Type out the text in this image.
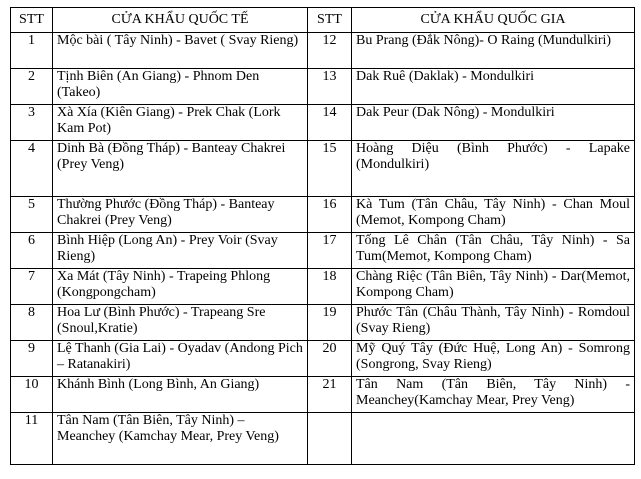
STT	CỬA KHẨU QUỐC TẾ	STT	CỬA KHẨU QUỐC GIA
1	Mộc bài ( Tây Ninh) - Bavet ( Svay Rieng)	12	Bu Prang (Đắk Nông)- O Raing (Mundulkiri)
2	Tịnh Biên (An Giang) - Phnom Den (Takeo)	13	Dak Ruê (Daklak) - Mondulkiri
3	Xà Xía (Kiên Giang) - Prek Chak (Lork Kam Pot)	14	Dak Peur (Dak Nông) - Mondulkiri
4	Dinh Bà (Đồng Tháp) - Banteay Chakrei (Prey Veng)	15	Hoàng Diệu (Bình Phước) - Lapake (Mondulkiri)
5	Thường Phước (Đồng Tháp) - Banteay Chakrei (Prey Veng)	16	Kà Tum (Tân Châu, Tây Ninh) - Chan Moul (Memot, Kompong Cham)
6	Bình Hiệp (Long An) - Prey Voir (Svay Rieng)	17	Tống Lê Chân (Tân Châu, Tây Ninh) - Sa Tum(Memot, Kompong Cham)
7	Xa Mát (Tây Ninh) - Trapeing Phlong (Kongpongcham)	18	Chàng Riệc (Tân Biên, Tây Ninh) - Dar(Memot, Kompong Cham)
8	Hoa Lư (Bình Phước) - Trapeang Sre (Snoul,Kratie)	19	Phước Tân (Châu Thành, Tây Ninh) - Romdoul (Svay Rieng)
9	Lệ Thanh (Gia Lai) - Oyadav (Andong Pich – Ratanakiri)	20	Mỹ Quý Tây (Đức Huệ, Long An) - Somrong (Songrong, Svay Rieng)
10	Khánh Bình (Long Bình, An Giang)	21	Tân Nam (Tân Biên, Tây Ninh) - Meanchey(Kamchay Mear, Prey Veng)
11	Tân Nam (Tân Biên, Tây Ninh) – Meanchey (Kamchay Mear, Prey Veng)		
